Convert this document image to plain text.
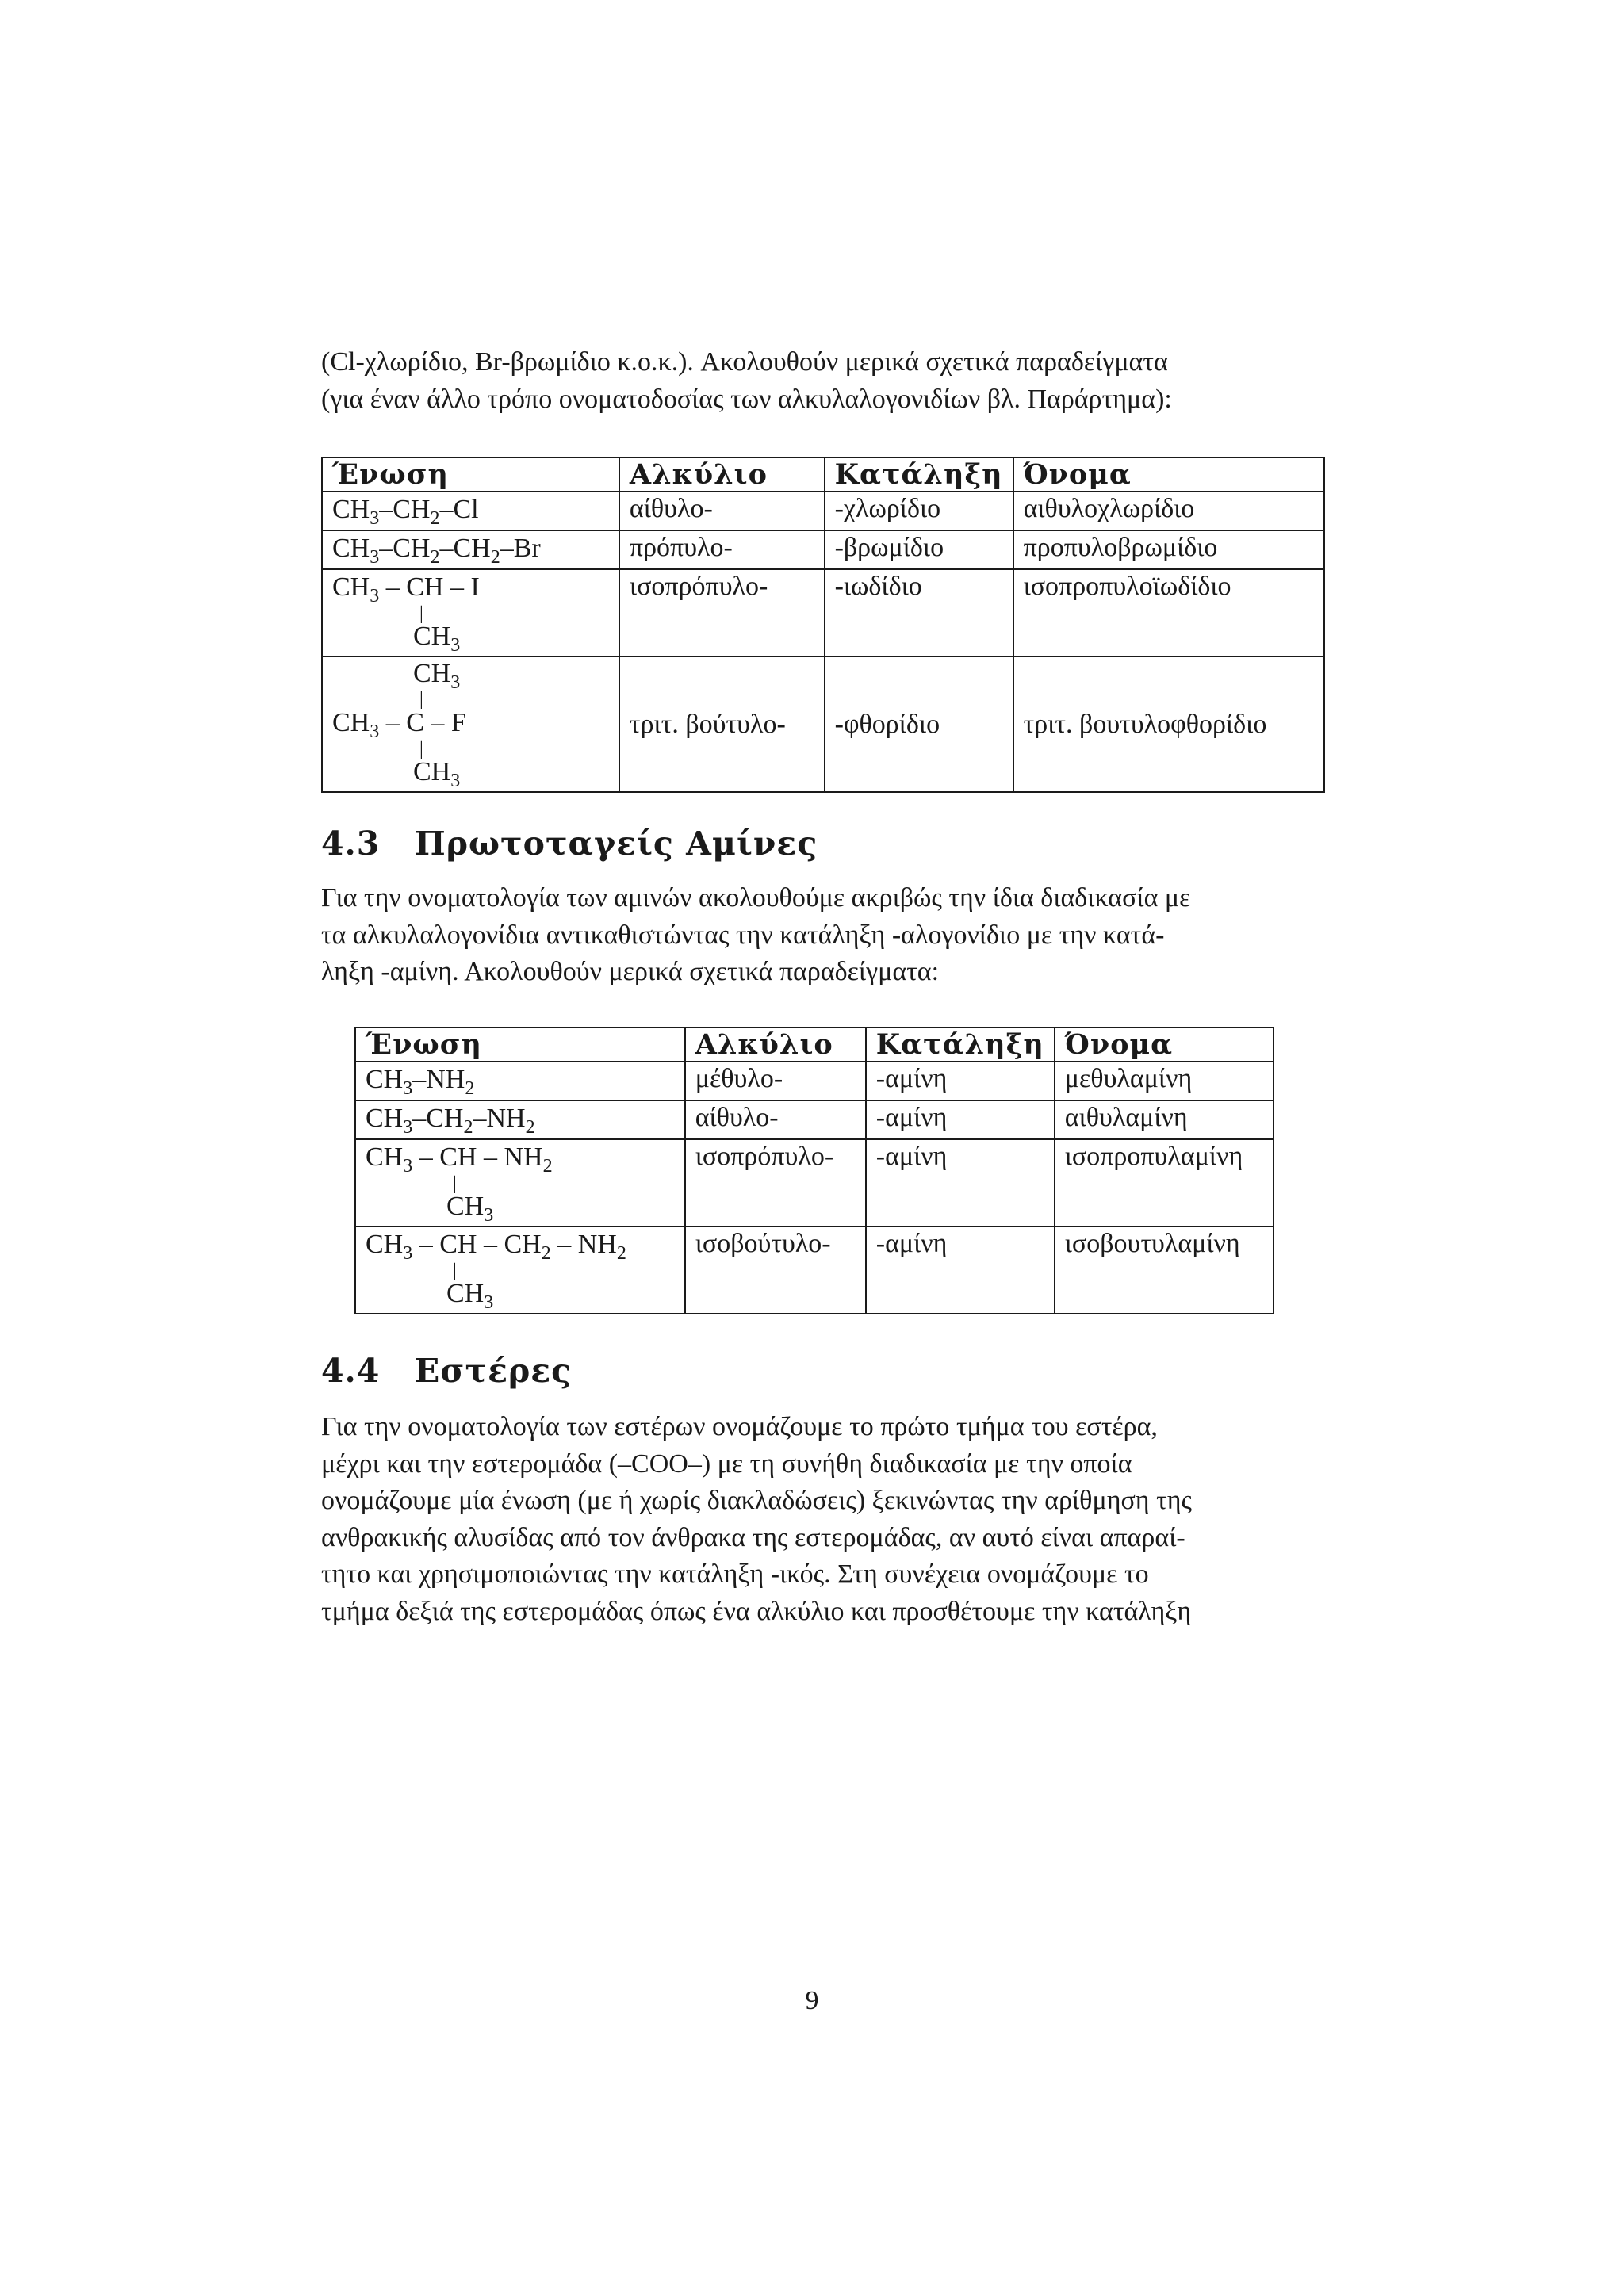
(Cl-χλωρίδιο, Br-βρωμίδιο κ.ο.κ.). Ακολουθούν μερικά σχετικά παραδείγματα
(για έναν άλλο τρόπο ονοματοδοσίας των αλκυλαλογονιδίων βλ. Παράρτημα):
Ένωση	Αλκύλιο	Κατάληξη	Όνομα

$CH_3-CH_2-Cl$	αίθυλο-	-χλωρίδιο	αιθυλοχλωρίδιο

$CH_3-CH_2-CH_2-Br$	πρόπυλο-	-βρωμίδιο	προπυλοβρωμίδιο

$CH_3$ – CH – I
|
$CH_3$	ισοπρόπυλο-	-ιωδίδιο	ισοπροπυλοϊωδίδιο

$CH_3$
|
$CH_3$ – C – F
|
$CH_3$	τριτ. βούτυλο-	-φθορίδιο	τριτ. βουτυλοφθορίδιο
4.3 Πρωτοταγείς Αμίνες
Για την ονοματολογία των αμινών ακολουθούμε ακριβώς την ίδια διαδικασία με
τα αλκυλαλογονίδια αντικαθιστώντας την κατάληξη -αλογονίδιο με την κατά-
ληξη -αμίνη. Ακολουθούν μερικά σχετικά παραδείγματα:
Ένωση	Αλκύλιο	Κατάληξη	Όνομα

$CH_3-NH_2$	μέθυλο-	-αμίνη	μεθυλαμίνη

$CH_3-CH_2-NH_2$	αίθυλο-	-αμίνη	αιθυλαμίνη

$CH_3$ – CH – $NH_2$
|
$CH_3$	ισοπρόπυλο-	-αμίνη	ισοπροπυλαμίνη

$CH_3$ – CH – $CH_2 - NH_2$
|
$CH_3$	ισοβούτυλο-	-αμίνη	ισοβουτυλαμίνη
4.4 Εστέρες
Για την ονοματολογία των εστέρων ονομάζουμε το πρώτο τμήμα του εστέρα,
μέχρι και την εστερομάδα (–COO–) με τη συνήθη διαδικασία με την οποία
ονομάζουμε μία ένωση (με ή χωρίς διακλαδώσεις) ξεκινώντας την αρίθμηση της
ανθρακικής αλυσίδας από τον άνθρακα της εστερομάδας, αν αυτό είναι απαραί-
τητο και χρησιμοποιώντας την κατάληξη -ικός. Στη συνέχεια ονομάζουμε το
τμήμα δεξιά της εστερομάδας όπως ένα αλκύλιο και προσθέτουμε την κατάληξη
9
